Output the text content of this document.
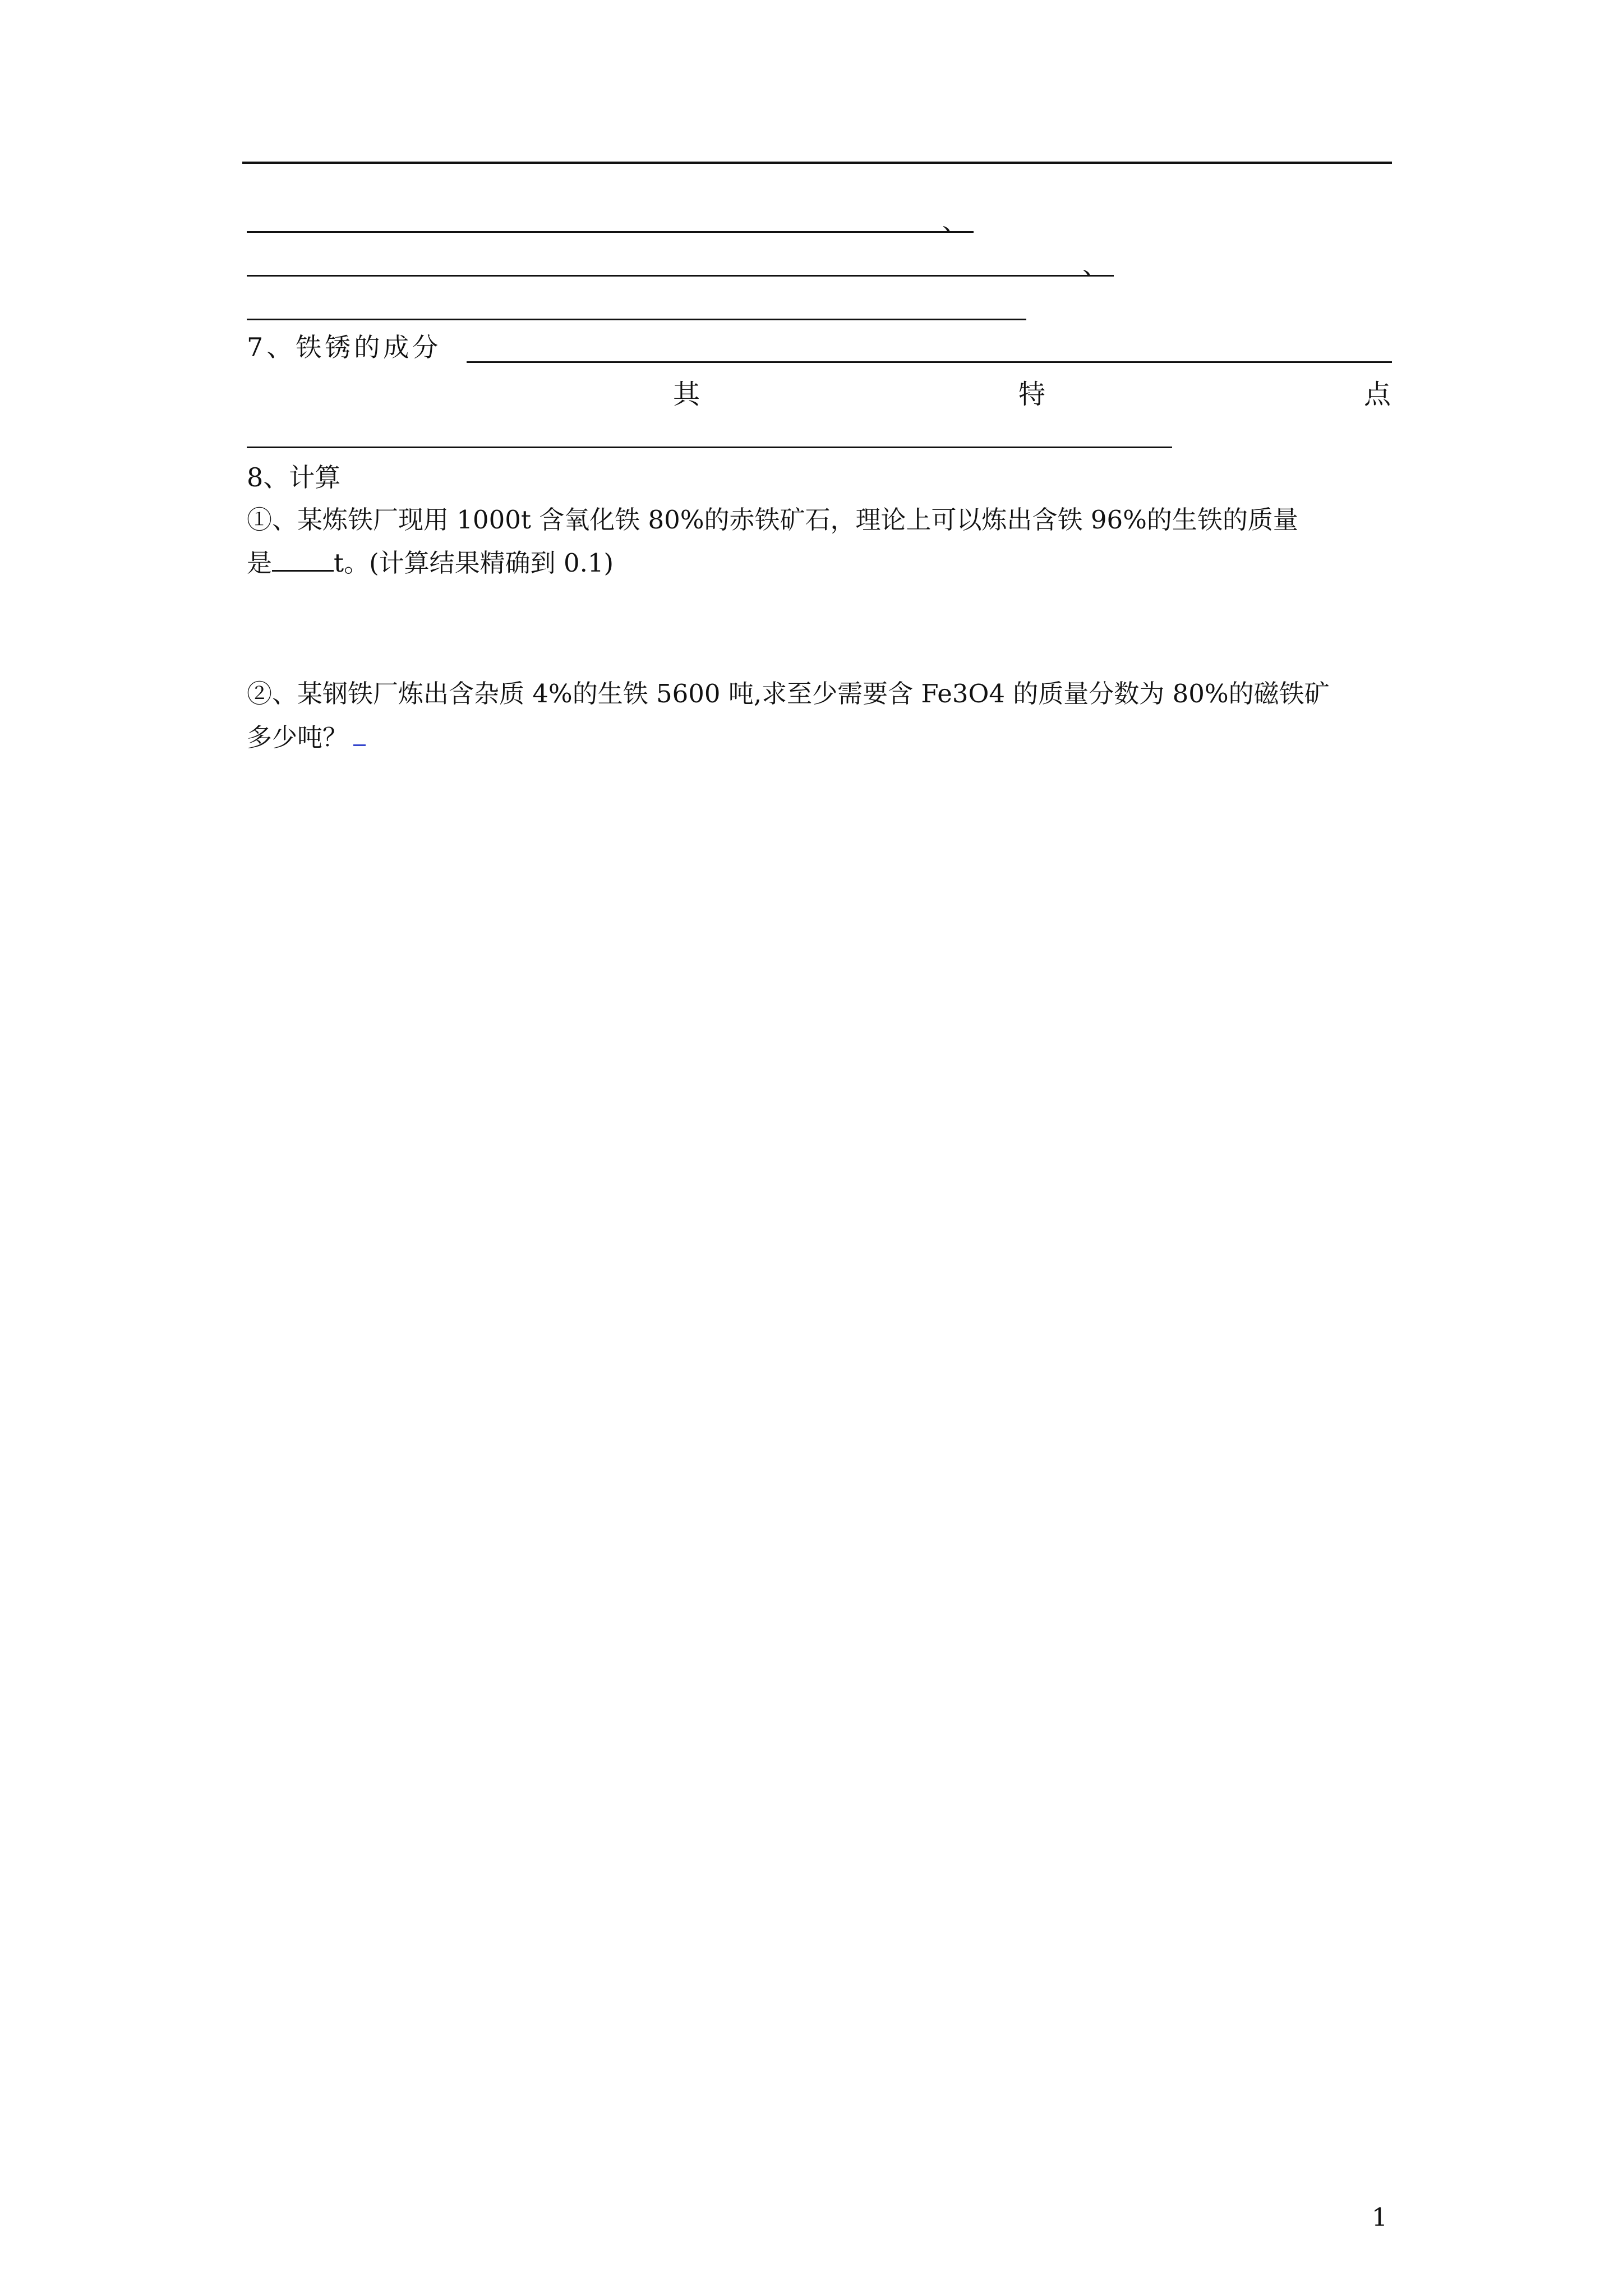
、
、
7、铁锈的成分
其	特	点
8、计算
①、某炼铁厂现用 1000t 含氧化铁 80%的赤铁矿石，理论上可以炼出含铁 96%的生铁的质量
是 t。(计算结果精确到 0.1)
②、某钢铁厂炼出含杂质 4%的生铁 5600 吨,求至少需要含 Fe3O4 的质量分数为 80%的磁铁矿
多少吨？
1
